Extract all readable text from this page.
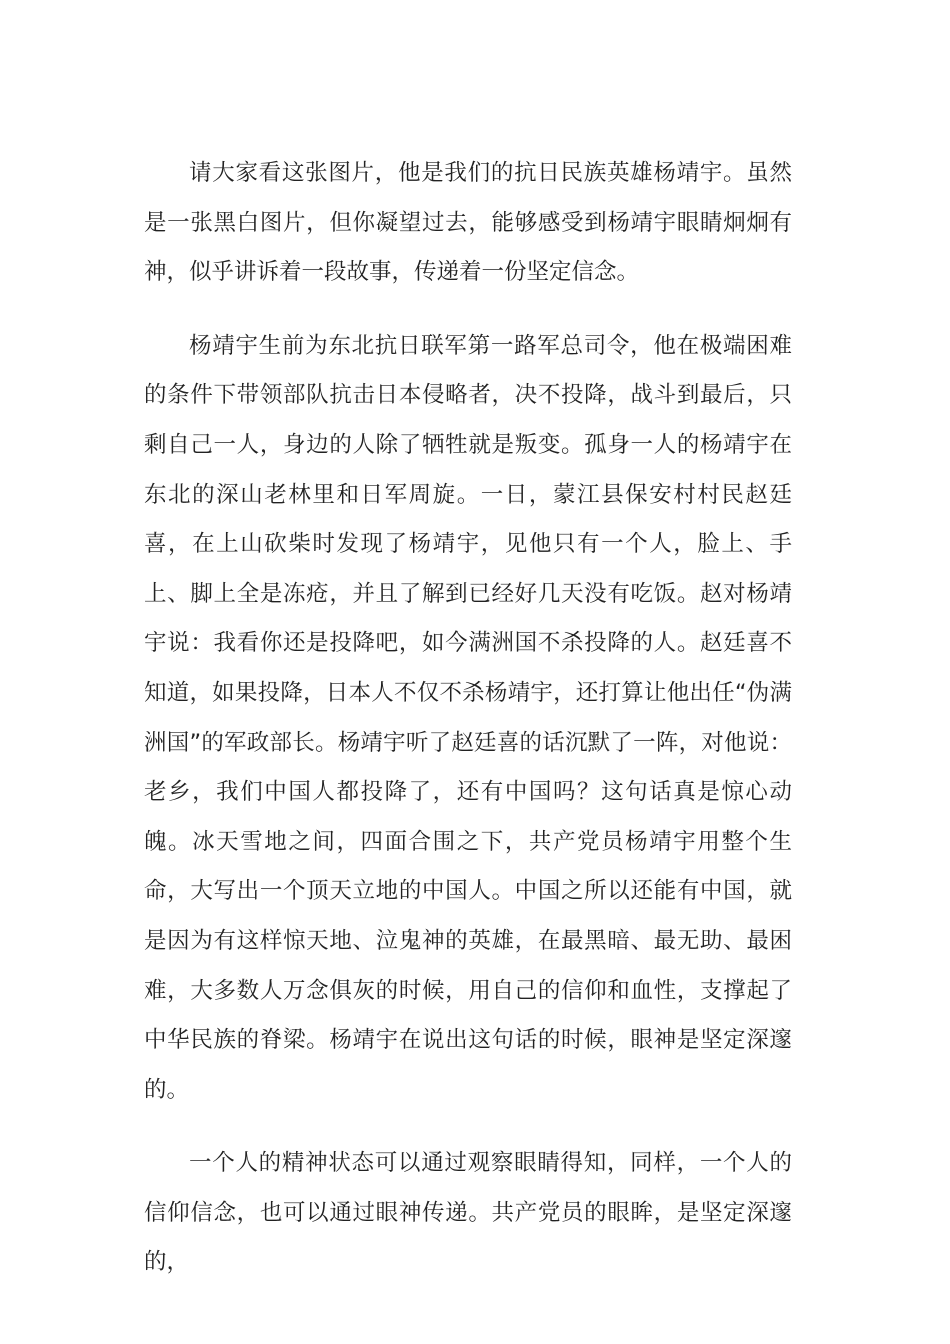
请大家看这张图片，他是我们的抗日民族英雄杨靖宇。虽然是一张黑白图片，但你凝望过去，能够感受到杨靖宇眼睛炯炯有神，似乎讲诉着一段故事，传递着一份坚定信念。

杨靖宇生前为东北抗日联军第一路军总司令，他在极端困难的条件下带领部队抗击日本侵略者，决不投降，战斗到最后，只剩自己一人，身边的人除了牺牲就是叛变。孤身一人的杨靖宇在东北的深山老林里和日军周旋。一日，蒙江县保安村村民赵廷喜，在上山砍柴时发现了杨靖宇，见他只有一个人，脸上、手上、脚上全是冻疮，并且了解到已经好几天没有吃饭。赵对杨靖宇说：我看你还是投降吧，如今满洲国不杀投降的人。赵廷喜不知道，如果投降，日本人不仅不杀杨靖宇，还打算让他出任“伪满洲国”的军政部长。杨靖宇听了赵廷喜的话沉默了一阵，对他说：老乡，我们中国人都投降了，还有中国吗？这句话真是惊心动魄。冰天雪地之间，四面合围之下，共产党员杨靖宇用整个生命，大写出一个顶天立地的中国人。中国之所以还能有中国，就是因为有这样惊天地、泣鬼神的英雄，在最黑暗、最无助、最困难，大多数人万念俱灰的时候，用自己的信仰和血性，支撑起了中华民族的脊梁。杨靖宇在说出这句话的时候，眼神是坚定深邃的。

一个人的精神状态可以通过观察眼睛得知，同样，一个人的信仰信念，也可以通过眼神传递。共产党员的眼眸，是坚定深邃的，
